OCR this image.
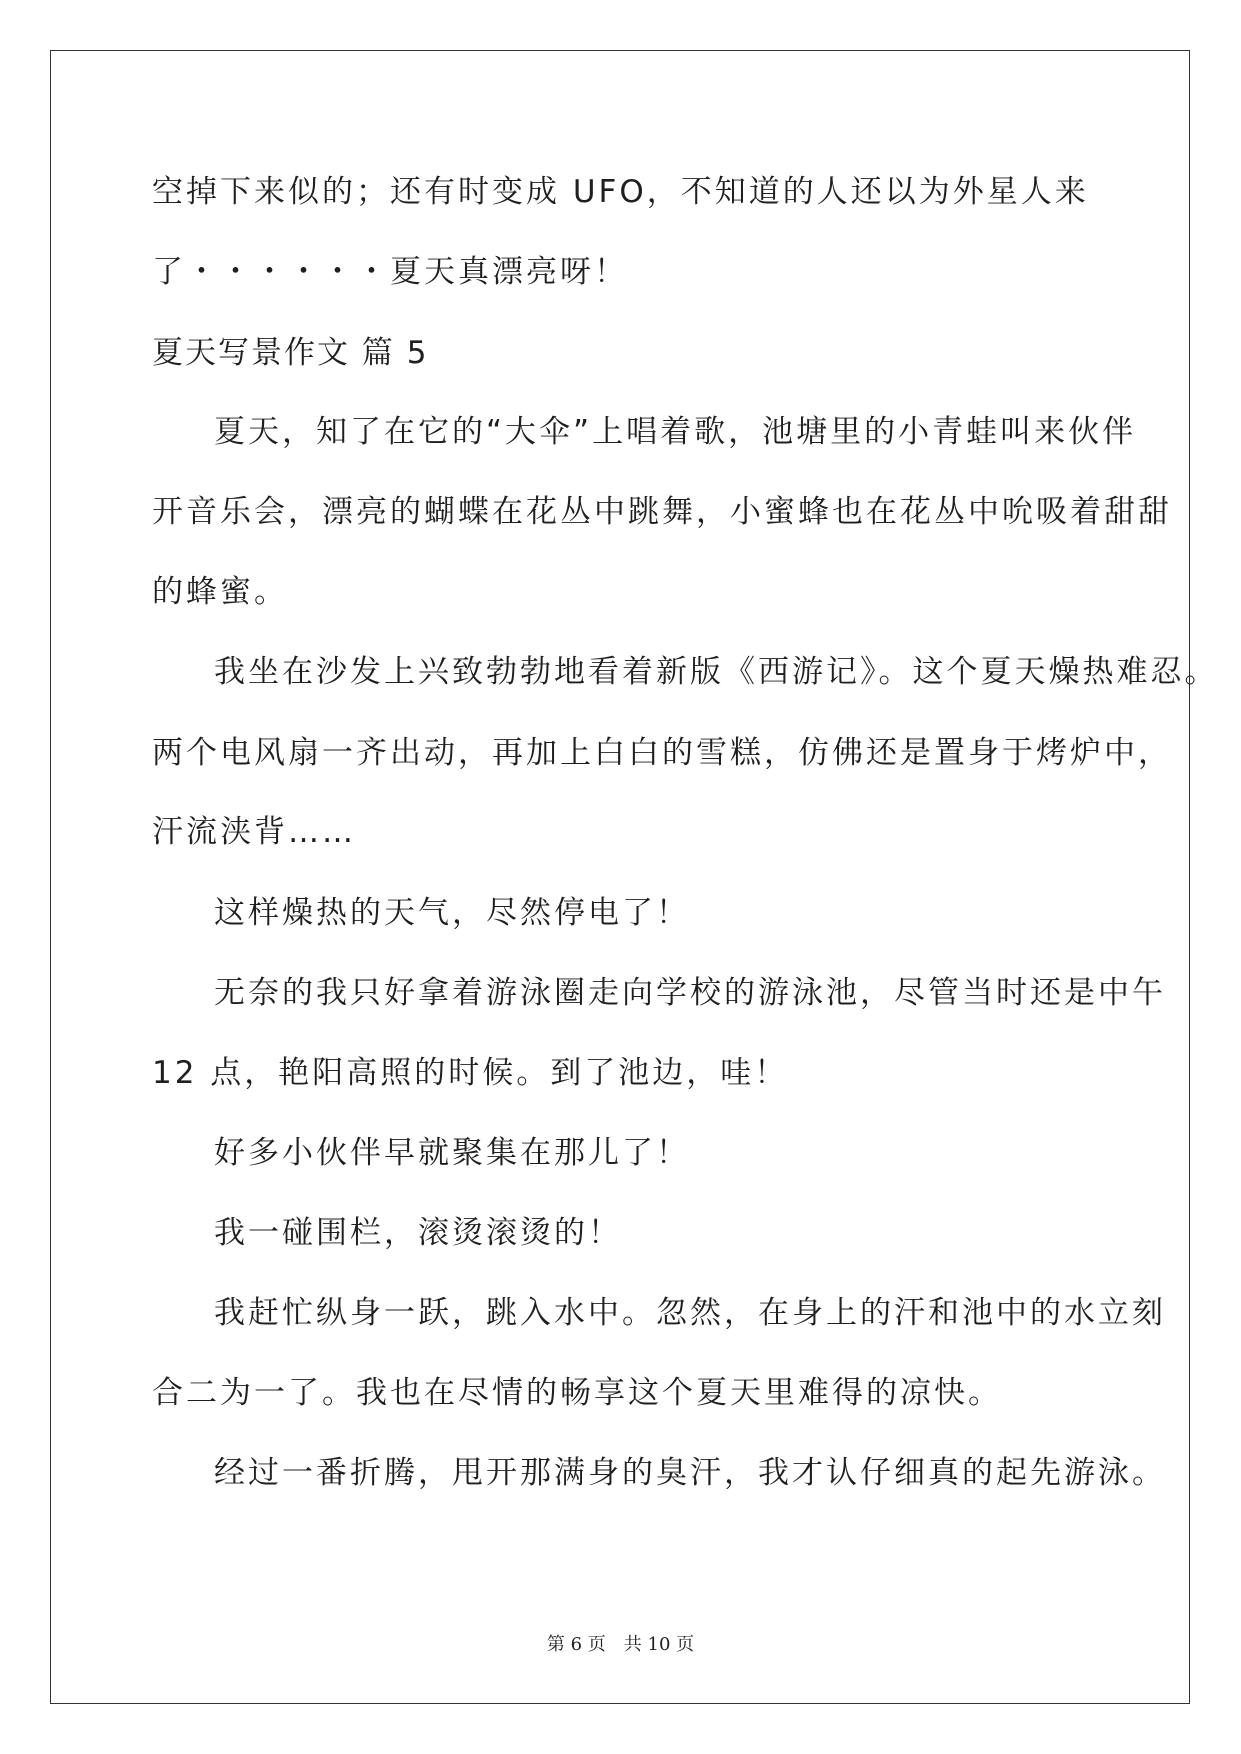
空掉下来似的；还有时变成 UFO，不知道的人还以为外星人来
了・・・・・・夏天真漂亮呀！
夏天写景作文 篇 5
夏天，知了在它的“大伞”上唱着歌，池塘里的小青蛙叫来伙伴
开音乐会，漂亮的蝴蝶在花丛中跳舞，小蜜蜂也在花丛中吮吸着甜甜
的蜂蜜。
我坐在沙发上兴致勃勃地看着新版《西游记》。这个夏天燥热难忍。
两个电风扇一齐出动，再加上白白的雪糕，仿佛还是置身于烤炉中，
汗流浃背……
这样燥热的天气，尽然停电了！
无奈的我只好拿着游泳圈走向学校的游泳池，尽管当时还是中午
12 点，艳阳高照的时候。到了池边，哇！
好多小伙伴早就聚集在那儿了！
我一碰围栏，滚烫滚烫的！
我赶忙纵身一跃，跳入水中。忽然，在身上的汗和池中的水立刻
合二为一了。我也在尽情的畅享这个夏天里难得的凉快。
经过一番折腾，甩开那满身的臭汗，我才认仔细真的起先游泳。
第 6 页　共 10 页
